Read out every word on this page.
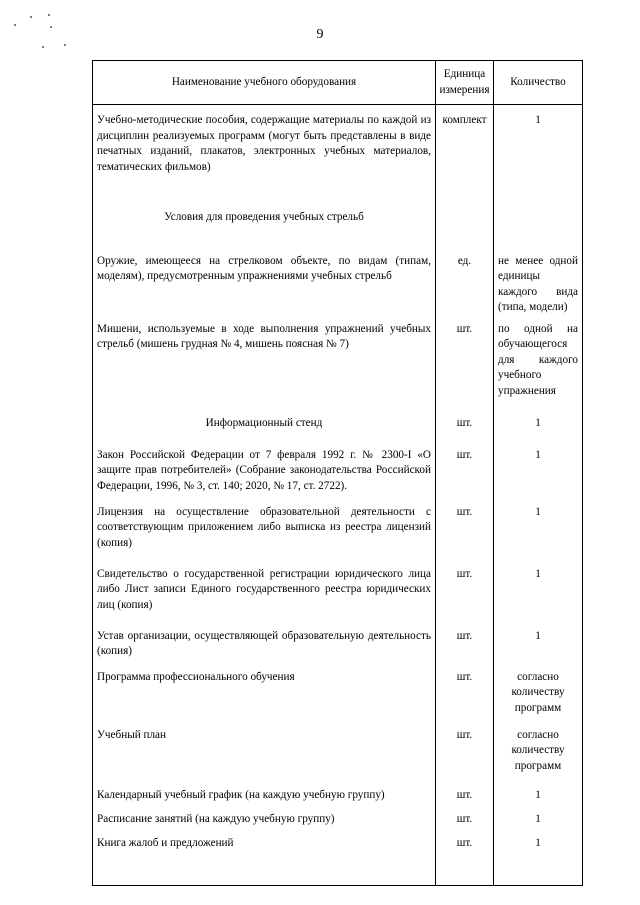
9
Наименование учебного оборудования	Единица измерения	Количество
Учебно-методические пособия, содержащие материалы по каждой из дисциплин реализуемых программ (могут быть представлены в виде печатных изданий, плакатов, электронных учебных материалов, тематических фильмов)	комплект	1
Условия для проведения учебных стрельб		
Оружие, имеющееся на стрелковом объекте, по видам (типам, моделям), предусмотренным упражнениями учебных стрельб	ед.	не менее одной единицы каждого вида (типа, модели)
Мишени, используемые в ходе выполнения упражнений учебных стрельб (мишень грудная № 4, мишень поясная № 7)	шт.	по одной на обучающегося для каждого учебного упражнения
Информационный стенд	шт.	1
Закон Российской Федерации от 7 февраля 1992 г. № 2300-I «О защите прав потребителей» (Собрание законодательства Российской Федерации, 1996, № 3, ст. 140; 2020, № 17, ст. 2722).	шт.	1
Лицензия на осуществление образовательной деятельности с соответствующим приложением либо выписка из реестра лицензий (копия)	шт.	1
Свидетельство о государственной регистрации юридического лица либо Лист записи Единого государственного реестра юридических лиц (копия)	шт.	1
Устав организации, осуществляющей образовательную деятельность (копия)	шт.	1
Программа профессионального обучения	шт.	согласно количеству программ
Учебный план	шт.	согласно количеству программ
Календарный учебный график (на каждую учебную группу)	шт.	1
Расписание занятий (на каждую учебную группу)	шт.	1
Книга жалоб и предложений	шт.	1
